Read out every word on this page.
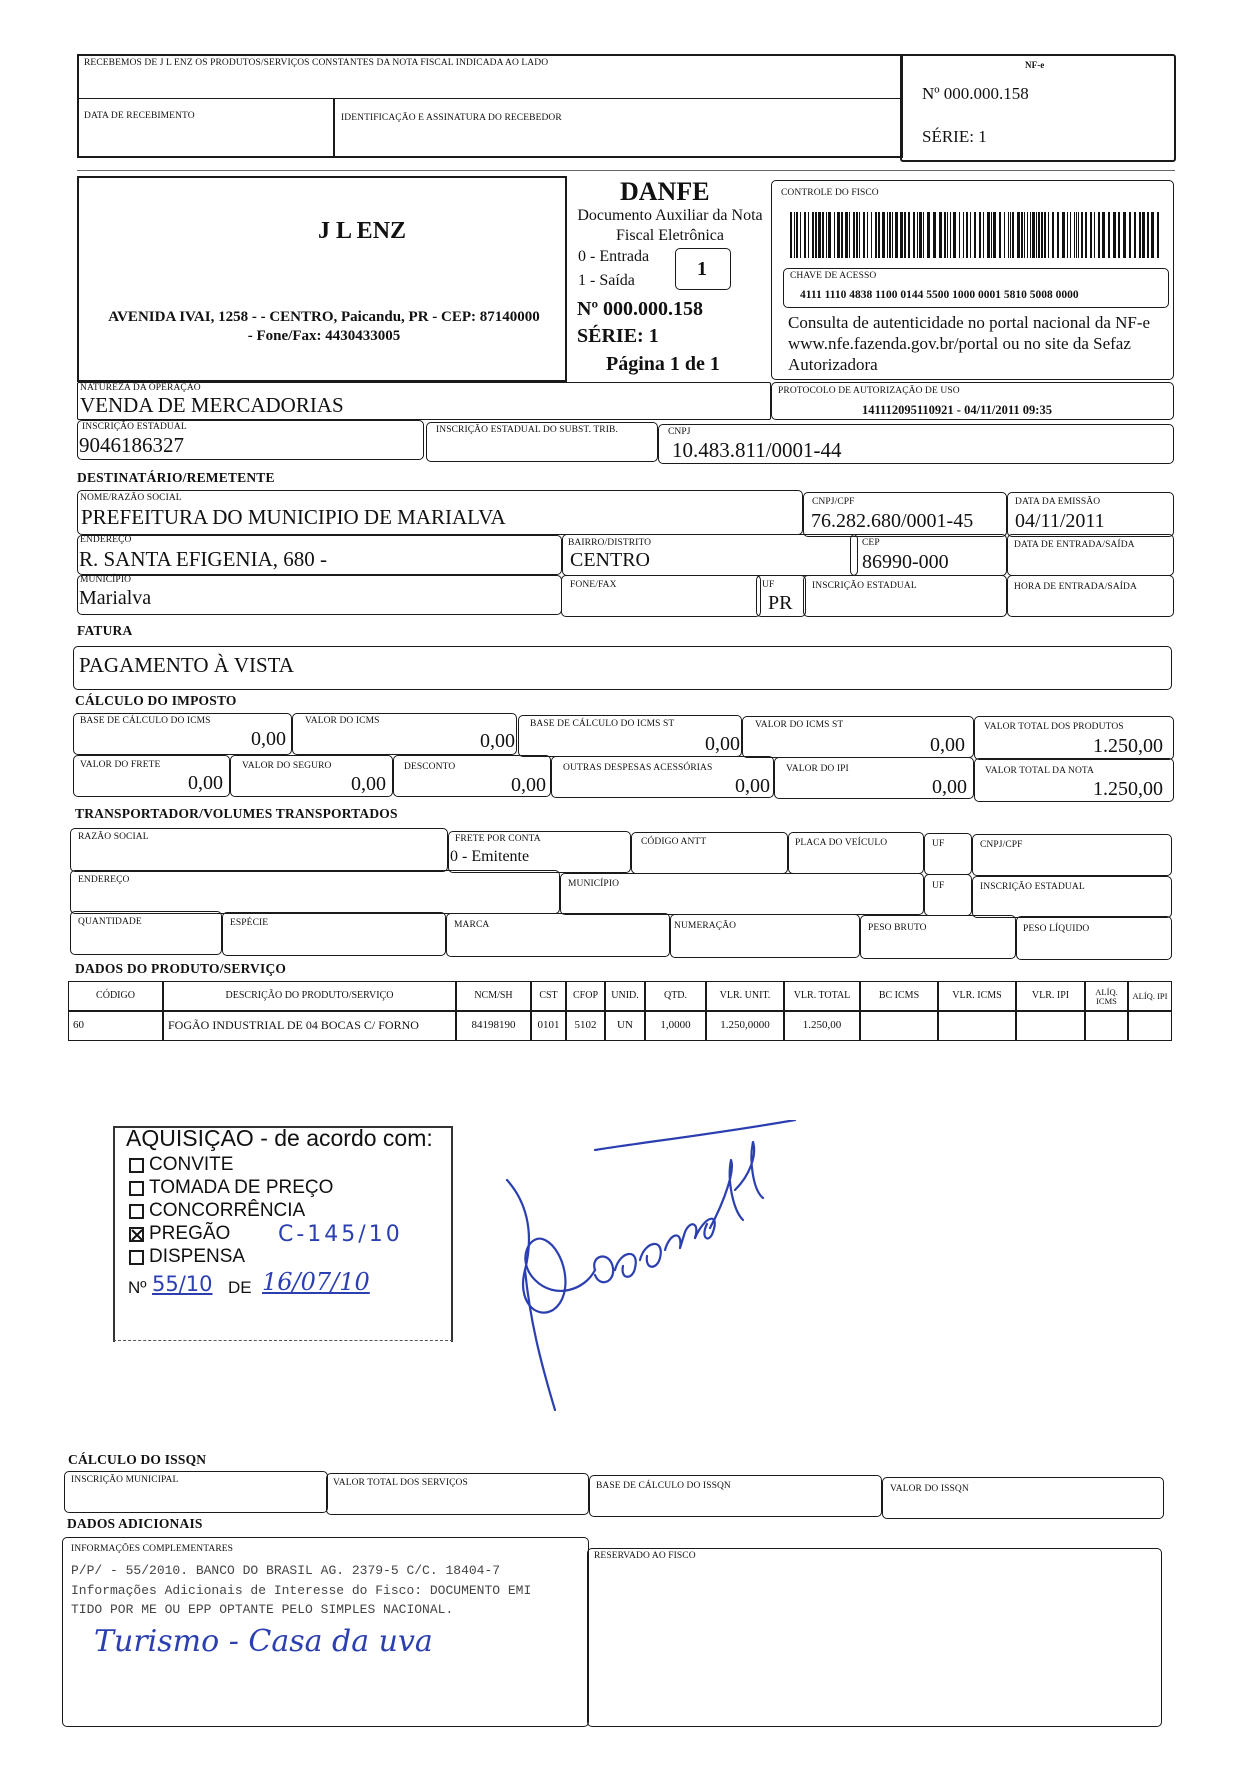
RECEBEMOS DE J L ENZ OS PRODUTOS/SERVIÇOS CONSTANTES DA NOTA FISCAL INDICADA AO LADO
DATA DE RECEBIMENTO	IDENTIFICAÇÃO E ASSINATURA DO RECEBEDOR
NF-e
Nº 000.000.158
SÉRIE: 1
J L ENZ
AVENIDA IVAI, 1258 - - CENTRO, Paicandu, PR - CEP: 87140000 - Fone/Fax: 4430433005
DANFE
Documento Auxiliar da Nota Fiscal Eletrônica
0 - Entrada
1 - Saída
1
Nº 000.000.158
SÉRIE: 1
Página 1 de 1
CONTROLE DO FISCO
CHAVE DE ACESSO
4111 1110 4838 1100 0144 5500 1000 0001 5810 5008 0000
Consulta de autenticidade no portal nacional da NF-e www.nfe.fazenda.gov.br/portal ou no site da Sefaz Autorizadora
NATUREZA DA OPERAÇÃO
VENDA DE MERCADORIAS
PROTOCOLO DE AUTORIZAÇÃO DE USO
141112095110921 - 04/11/2011 09:35
INSCRIÇÃO ESTADUAL
9046186327
INSCRIÇÃO ESTADUAL DO SUBST. TRIB.	CNPJ
10.483.811/0001-44
DESTINATÁRIO/REMETENTE
NOME/RAZÃO SOCIAL
PREFEITURA DO MUNICIPIO DE MARIALVA
CNPJ/CPF
76.282.680/0001-45
DATA DA EMISSÃO
04/11/2011
ENDEREÇO
R. SANTA EFIGENIA, 680 -
BAIRRO/DISTRITO
CENTRO
CEP
86990-000
DATA DE ENTRADA/SAÍDA
MUNICÍPIO
Marialva
FONE/FAX	UF
PR
INSCRIÇÃO ESTADUAL	HORA DE ENTRADA/SAÍDA
FATURA
PAGAMENTO À VISTA
CÁLCULO DO IMPOSTO
BASE DE CÁLCULO DO ICMS
0,00
VALOR DO ICMS
0,00
BASE DE CÁLCULO DO ICMS ST
0,00
VALOR DO ICMS ST
0,00
VALOR TOTAL DOS PRODUTOS
1.250,00
VALOR DO FRETE
0,00
VALOR DO SEGURO
0,00
DESCONTO
0,00
OUTRAS DESPESAS ACESSÓRIAS
0,00
VALOR DO IPI
0,00
VALOR TOTAL DA NOTA
1.250,00
TRANSPORTADOR/VOLUMES TRANSPORTADOS
RAZÃO SOCIAL	FRETE POR CONTA
0 - Emitente
CÓDIGO ANTT	PLACA DO VEÍCULO	UF	CNPJ/CPF
ENDEREÇO	MUNICÍPIO	UF	INSCRIÇÃO ESTADUAL
QUANTIDADE	ESPÉCIE	MARCA	NUMERAÇÃO	PESO BRUTO	PESO LÍQUIDO
DADOS DO PRODUTO/SERVIÇO
CÓDIGO	DESCRIÇÃO DO PRODUTO/SERVIÇO	NCM/SH	CST	CFOP	UNID.	QTD.	VLR. UNIT.	VLR. TOTAL	BC ICMS	VLR. ICMS	VLR. IPI	ALÍQ. ICMS	ALÍQ. IPI
60	FOGÃO INDUSTRIAL DE 04 BOCAS C/ FORNO	84198190	0101	5102	UN	1,0000	1.250,0000	1.250,00
AQUISIÇAO - de acordo com:
CONVITE
TOMADA DE PREÇO
CONCORRÊNCIA
PREGÃO
DISPENSA
C-145/10
Nº 55/10 DE 16/07/10
CÁLCULO DO ISSQN
INSCRIÇÃO MUNICIPAL	VALOR TOTAL DOS SERVIÇOS	BASE DE CÁLCULO DO ISSQN	VALOR DO ISSQN
DADOS ADICIONAIS
INFORMAÇÕES COMPLEMENTARES
P/P/ - 55/2010. BANCO DO BRASIL AG. 2379-5 C/C. 18404-7
Informações Adicionais de Interesse do Fisco: DOCUMENTO EMI
TIDO POR ME OU EPP OPTANTE PELO SIMPLES NACIONAL.
Turismo - Casa da uva
RESERVADO AO FISCO
